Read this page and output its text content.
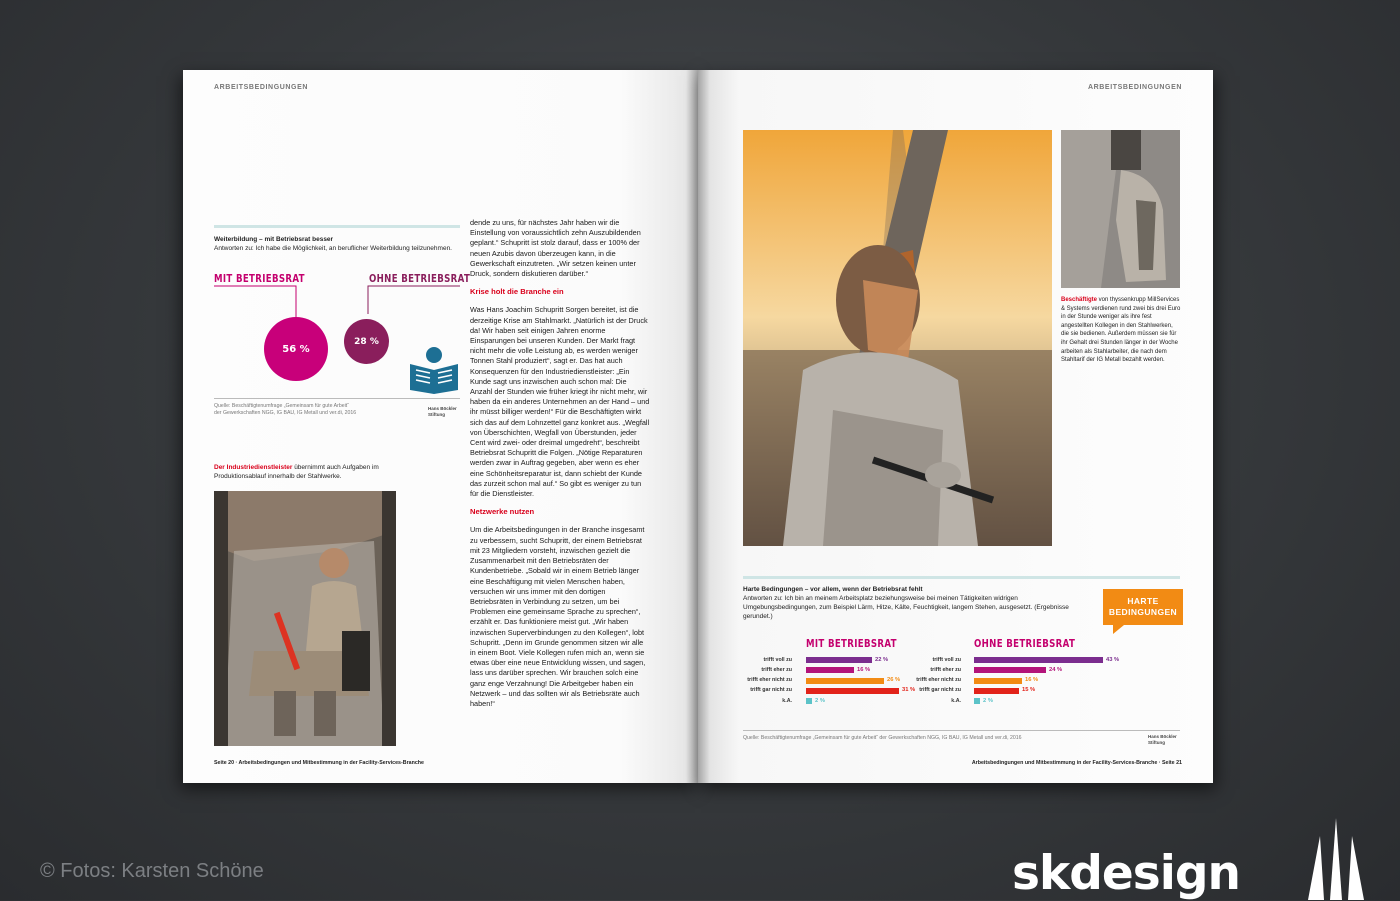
ARBEITSBEDINGUNGEN
Weiterbildung – mit Betriebsrat besser
Antworten zu: Ich habe die Möglichkeit, an beruflicher Weiterbildung teilzunehmen.
MIT BETRIEBSRAT	OHNE BETRIEBSRAT
56 %
28 %
Quelle: Beschäftigtenumfrage „Gemeinsam für gute Arbeit“
der Gewerkschaften NGG, IG BAU, IG Metall und ver.di, 2016
Hans Böckler
Stiftung
Der Industriedienstleister übernimmt auch Aufgaben im Produktionsablauf innerhalb der Stahlwerke.

dende zu uns, für nächstes Jahr haben wir die Einstellung von voraussichtlich zehn Auszubildenden geplant.“ Schupritt ist stolz darauf, dass er 100% der neuen Azubis davon überzeugen kann, in die Gewerkschaft einzutreten. „Wir setzen keinen unter Druck, sondern diskutieren darüber.“

Krise holt die Branche ein

Was Hans Joachim Schupritt Sorgen bereitet, ist die derzeitige Krise am Stahlmarkt. „Natürlich ist der Druck da! Wir haben seit einigen Jahren enorme Einsparungen bei unseren Kunden. Der Markt fragt nicht mehr die volle Leistung ab, es werden weniger Tonnen Stahl produziert“, sagt er. Das hat auch Konsequenzen für den Industriedienstleister: „Ein Kunde sagt uns inzwischen auch schon mal: Die Anzahl der Stunden wie früher kriegt ihr nicht mehr, wir haben da ein anderes Unternehmen an der Hand – und ihr müsst billiger werden!“ Für die Beschäftigten wirkt sich das auf dem Lohnzettel ganz konkret aus. „Wegfall von Überschichten, Wegfall von Überstunden, jeder Cent wird zwei- oder dreimal umgedreht“, beschreibt Betriebsrat Schupritt die Folgen. „Nötige Reparaturen werden zwar in Auftrag gegeben, aber wenn es eher eine Schönheitsreparatur ist, dann schiebt der Kunde das zurzeit schon mal auf.“ So gibt es weniger zu tun für die Dienstleister.

Netzwerke nutzen

Um die Arbeitsbedingungen in der Branche insgesamt zu verbessern, sucht Schupritt, der einem Betriebsrat mit 23 Mitgliedern vorsteht, inzwischen gezielt die Zusammenarbeit mit den Betriebsräten der Kundenbetriebe. „Sobald wir in einem Betrieb länger eine Beschäftigung mit vielen Menschen haben, versuchen wir uns immer mit den dortigen Betriebsräten in Verbindung zu setzen, um bei Problemen eine gemeinsame Sprache zu sprechen“, erzählt er. Das funktioniere meist gut. „Wir haben inzwischen Superverbindungen zu den Kollegen“, lobt Schupritt. „Denn im Grunde genommen sitzen wir alle in einem Boot. Viele Kollegen rufen mich an, wenn sie etwas über eine neue Entwicklung wissen, und sagen, lass uns darüber sprechen. Wir brauchen solch eine ganz enge Verzahnung! Die Arbeitgeber haben ein Netzwerk – und das sollten wir als Betriebsräte auch haben!“

Seite 20 · Arbeitsbedingungen und Mitbestimmung in der Facility-Services-Branche
ARBEITSBEDINGUNGEN
Beschäftigte von thyssenkrupp MillServices & Systems verdienen rund zwei bis drei Euro in der Stunde weniger als ihre fest angestellten Kollegen in den Stahlwerken, die sie bedienen. Außerdem müssen sie für ihr Gehalt drei Stunden länger in der Woche arbeiten als Stahlarbeiter, die nach dem Stahltarif der IG Metall bezahlt werden.
Harte Bedingungen – vor allem, wenn der Betriebsrat fehlt
Antworten zu: Ich bin an meinem Arbeitsplatz beziehungsweise bei meinen Tätigkeiten widrigen Umgebungsbedingungen, zum Beispiel Lärm, Hitze, Kälte, Feuchtigkeit, langem Stehen, ausgesetzt. (Ergebnisse gerundet.)
HARTE
BEDINGUNGEN
MIT BETRIEBSRAT	OHNE BETRIEBSRAT
trifft voll zu	22 %
trifft eher zu	16 %
trifft eher nicht zu	26 %
trifft gar nicht zu	31 %
k.A.	2 %
trifft voll zu	43 %
trifft eher zu	24 %
trifft eher nicht zu	16 %
trifft gar nicht zu	15 %
k.A.	2 %
Quelle: Beschäftigtenumfrage „Gemeinsam für gute Arbeit“ der Gewerkschaften NGG, IG BAU, IG Metall und ver.di, 2016	Hans Böckler
Stiftung
Arbeitsbedingungen und Mitbestimmung in der Facility-Services-Branche · Seite 21
© Fotos: Karsten Schöne	skdesign
